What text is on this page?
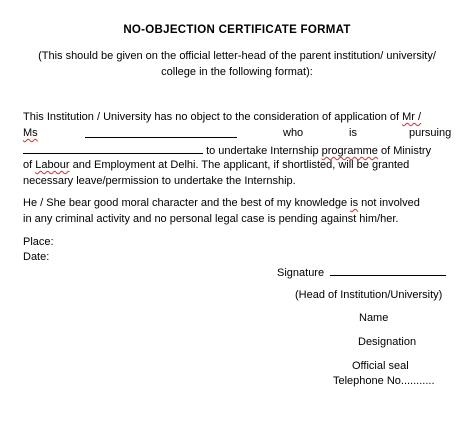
NO-OBJECTION CERTIFICATE FORMAT
(This should be given on the official letter-head of the parent institution/ university/
college in the following format):
This Institution / University has no object to the consideration of application of Mr /
Ms	who	is	pursuing
to undertake Internship programme of Ministry
of Labour and Employment at Delhi. The applicant, if shortlisted, will be granted
necessary leave/permission to undertake the Internship.
He / She bear good moral character and the best of my knowledge is not involved
in any criminal activity and no personal legal case is pending against him/her.
Place:
Date:
Signature
(Head of Institution/University)
Name
Designation
Official seal
Telephone No...........
